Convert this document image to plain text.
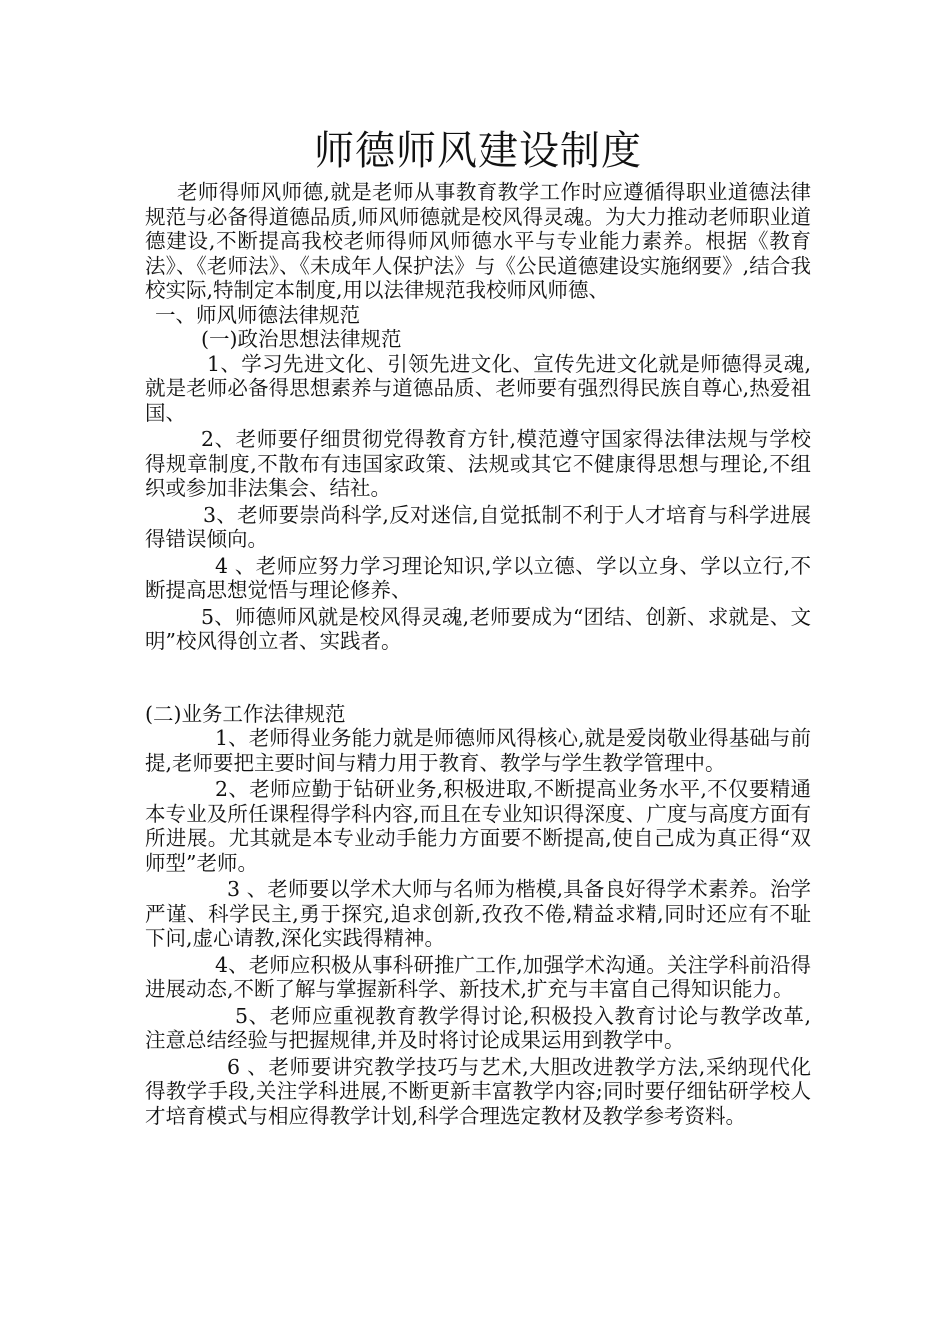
师德师风建设制度

老师得师风师德,就是老师从事教育教学工作时应遵循得职业道德法律规范与必备得道德品质,师风师德就是校风得灵魂。为大力推动老师职业道德建设,不断提高我校老师得师风师德水平与专业能力素养。根据《教育法》、《老师法》、《未成年人保护法》与《公民道德建设实施纲要》,结合我校实际,特制定本制度,用以法律规范我校师风师德、

一、师风师德法律规范

(一)政治思想法律规范

1、学习先进文化、引领先进文化、宣传先进文化就是师德得灵魂,就是老师必备得思想素养与道德品质、老师要有强烈得民族自尊心,热爱祖国、

2、老师要仔细贯彻党得教育方针,模范遵守国家得法律法规与学校得规章制度,不散布有违国家政策、法规或其它不健康得思想与理论,不组织或参加非法集会、结社。

3、老师要崇尚科学,反对迷信,自觉抵制不利于人才培育与科学进展得错误倾向。

4 、老师应努力学习理论知识,学以立德、学以立身、学以立行,不断提高思想觉悟与理论修养、

5、师德师风就是校风得灵魂,老师要成为“团结、创新、求就是、文明”校风得创立者、实践者。

(二)业务工作法律规范

1、老师得业务能力就是师德师风得核心,就是爱岗敬业得基础与前提,老师要把主要时间与精力用于教育、教学与学生教学管理中。

2、老师应勤于钻研业务,积极进取,不断提高业务水平,不仅要精通本专业及所任课程得学科内容,而且在专业知识得深度、广度与高度方面有所进展。尤其就是本专业动手能力方面要不断提高,使自己成为真正得“双师型”老师。

3 、老师要以学术大师与名师为楷模,具备良好得学术素养。治学严谨、科学民主,勇于探究,追求创新,孜孜不倦,精益求精,同时还应有不耻下问,虚心请教,深化实践得精神。

4、老师应积极从事科研推广工作,加强学术沟通。关注学科前沿得进展动态,不断了解与掌握新科学、新技术,扩充与丰富自己得知识能力。

5、老师应重视教育教学得讨论,积极投入教育讨论与教学改革,注意总结经验与把握规律,并及时将讨论成果运用到教学中。

6 、老师要讲究教学技巧与艺术,大胆改进教学方法,采纳现代化得教学手段,关注学科进展,不断更新丰富教学内容;同时要仔细钻研学校人才培育模式与相应得教学计划,科学合理选定教材及教学参考资料。
